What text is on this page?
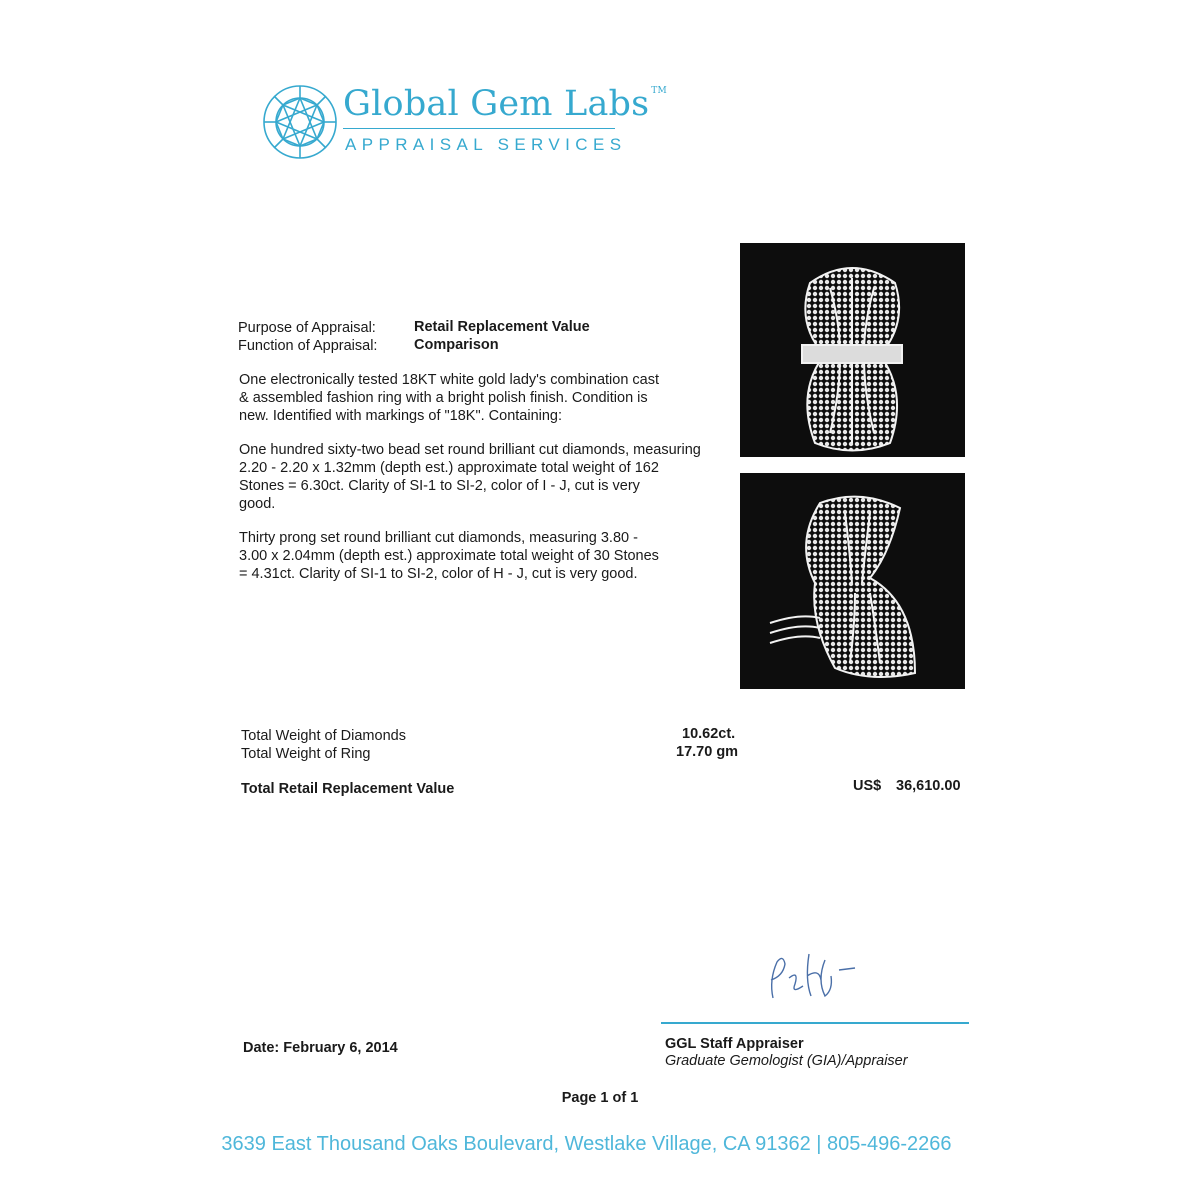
Global Gem Labs ™
APPRAISAL SERVICES
Purpose of Appraisal:	Retail Replacement Value
Function of Appraisal:	Comparison
One electronically tested 18KT white gold lady's combination cast
& assembled fashion ring with a bright polish finish. Condition is
new. Identified with markings of "18K". Containing:
One hundred sixty-two bead set round brilliant cut diamonds, measuring
2.20 - 2.20 x 1.32mm (depth est.) approximate total weight of 162
Stones = 6.30ct. Clarity of SI-1 to SI-2, color of I - J, cut is very
good.
Thirty prong set round brilliant cut diamonds, measuring 3.80 -
3.00 x 2.04mm (depth est.) approximate total weight of 30 Stones
= 4.31ct. Clarity of SI-1 to SI-2, color of H - J, cut is very good.
Total Weight of Diamonds	10.62ct.
Total Weight of Ring	17.70 gm
Total Retail Replacement Value	US$ 36,610.00
Date: February 6, 2014	GGL Staff Appraiser
Graduate Gemologist (GIA)/Appraiser
Page 1 of 1
3639 East Thousand Oaks Boulevard, Westlake Village, CA 91362 | 805-496-2266
